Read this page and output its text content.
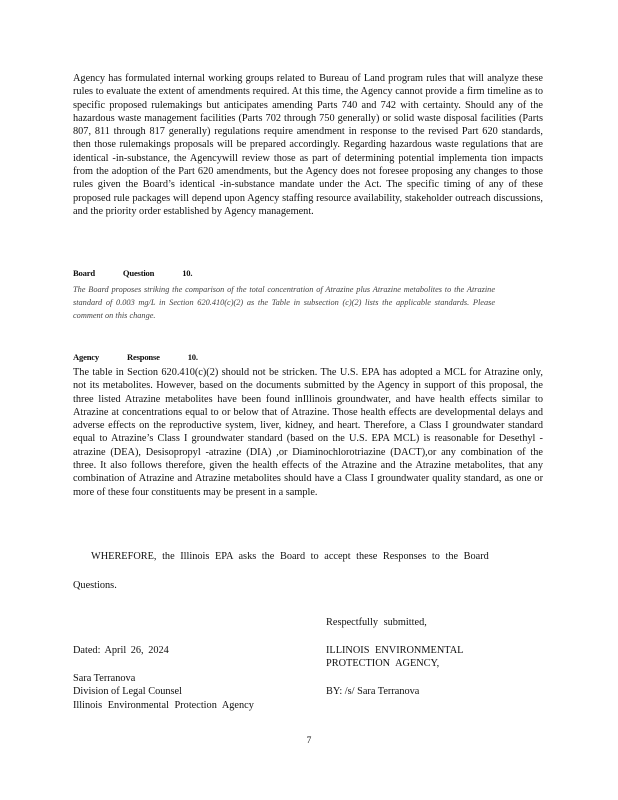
Agency has formulated internal working groups related to Bureau of Land program rules that will analyze these rules to evaluate the extent of amendments required. At this time, the Agency cannot provide a firm timeline as to specific proposed rulemakings but anticipates amending Parts 740 and 742 with certainty. Should any of the hazardous waste management facilities (Parts 702 through 750 generally) or solid waste disposal facilities (Parts 807, 811 through 817 generally) regulations require amendment in response to the revised Part 620 standards, then those rulemakings proposals will be prepared accordingly. Regarding hazardous waste regulations that are identical -in-substance, the Agencywill review those as part of determining potential implementa tion impacts from the adoption of the Part 620 amendments, but the Agency does not foresee proposing any changes to those rules given the Board’s identical -in-substance mandate under the Act. The specific timing of any of these proposed rule packages will depend upon Agency staffing resource availability, stakeholder outreach discussions, and the priority order established by Agency management.

Board	Question	10.

The Board proposes striking the comparison of the total concentration of Atrazine plus Atrazine metabolites to the Atrazine standard of 0.003 mg/L in Section 620.410(c)(2) as the Table in subsection (c)(2) lists the applicable standards. Please comment on this change.

Agency	Response	10.

The table in Section 620.410(c)(2) should not be stricken. The U.S. EPA has adopted a MCL for Atrazine only, not its metabolites. However, based on the documents submitted by the Agency in support of this proposal, the three listed Atrazine metabolites have been found inIllinois groundwater, and have health effects similar to Atrazine at concentrations equal to or below that of Atrazine. Those health effects are developmental delays and adverse effects on the reproductive system, liver, kidney, and heart. Therefore, a Class I groundwater standard equal to Atrazine’s Class I groundwater standard (based on the U.S. EPA MCL) is reasonable for Desethyl -atrazine (DEA), Desisopropyl -atrazine (DIA) ,or Diaminochlorotriazine (DACT),or any combination of the three. It also follows therefore, given the health effects of the Atrazine and the Atrazine metabolites, that any combination of Atrazine and Atrazine metabolites should have a Class I groundwater quality standard, as one or more of these four constituents may be present in a sample.

WHEREFORE, the Illinois EPA asks the Board to accept these Responses to the Board

Questions.

Respectfully submitted,

Dated: April 26, 2024	ILLINOIS ENVIRONMENTAL

PROTECTION AGENCY,

Sara Terranova

Division of Legal Counsel	BY: /s/ Sara Terranova

Illinois Environmental Protection Agency

7
